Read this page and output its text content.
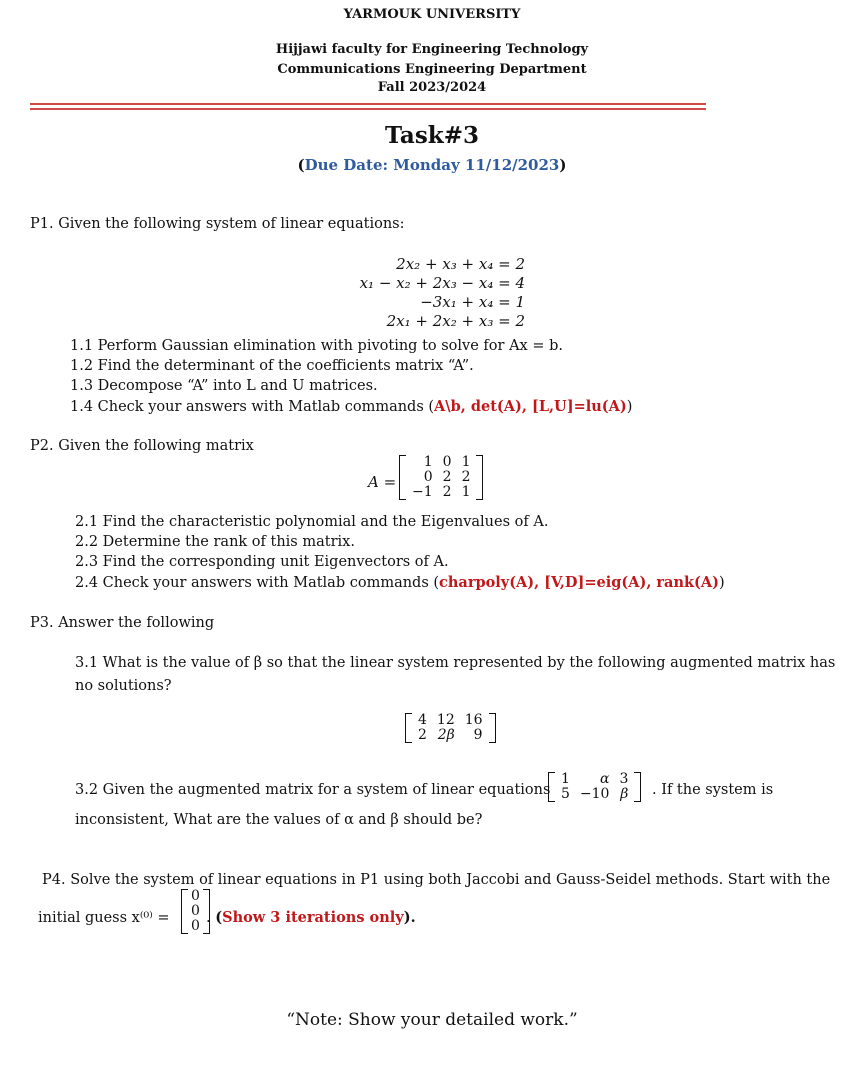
YARMOUK UNIVERSITY
Hijjawi faculty for Engineering Technology
Communications Engineering Department
Fall 2023/2024
Task#3
(Due Date: Monday 11/12/2023)
P1. Given the following system of linear equations:
2x₂ + x₃ + x₄ = 2
x₁ − x₂ + 2x₃ − x₄ = 4
−3x₁ + x₄ = 1
2x₁ + 2x₂ + x₃ = 2
1.1 Perform Gaussian elimination with pivoting to solve for Ax = b.
1.2 Find the determinant of the coefficients matrix “A”.
1.3 Decompose “A” into L and U matrices.
1.4 Check your answers with Matlab commands (A\b, det(A), [L,U]=lu(A))
P2. Given the following matrix
A =
1	0	1
0	2	2
−1	2	1
2.1 Find the characteristic polynomial and the Eigenvalues of A.
2.2 Determine the rank of this matrix.
2.3 Find the corresponding unit Eigenvectors of A.
2.4 Check your answers with Matlab commands (charpoly(A), [V,D]=eig(A), rank(A))
P3. Answer the following
3.1 What is the value of β so that the linear system represented by the following augmented matrix has
no solutions?
4	12	16
2	2β	9
3.2 Given the augmented matrix for a system of linear equations
1	α	3
5	−10	β . If the system is
inconsistent, What are the values of α and β should be?
P4. Solve the system of linear equations in P1 using both Jaccobi and Gauss-Seidel methods. Start with the
initial guess x⁽⁰⁾ =
0
0
0 . (Show 3 iterations only).
“Note: Show your detailed work.”
